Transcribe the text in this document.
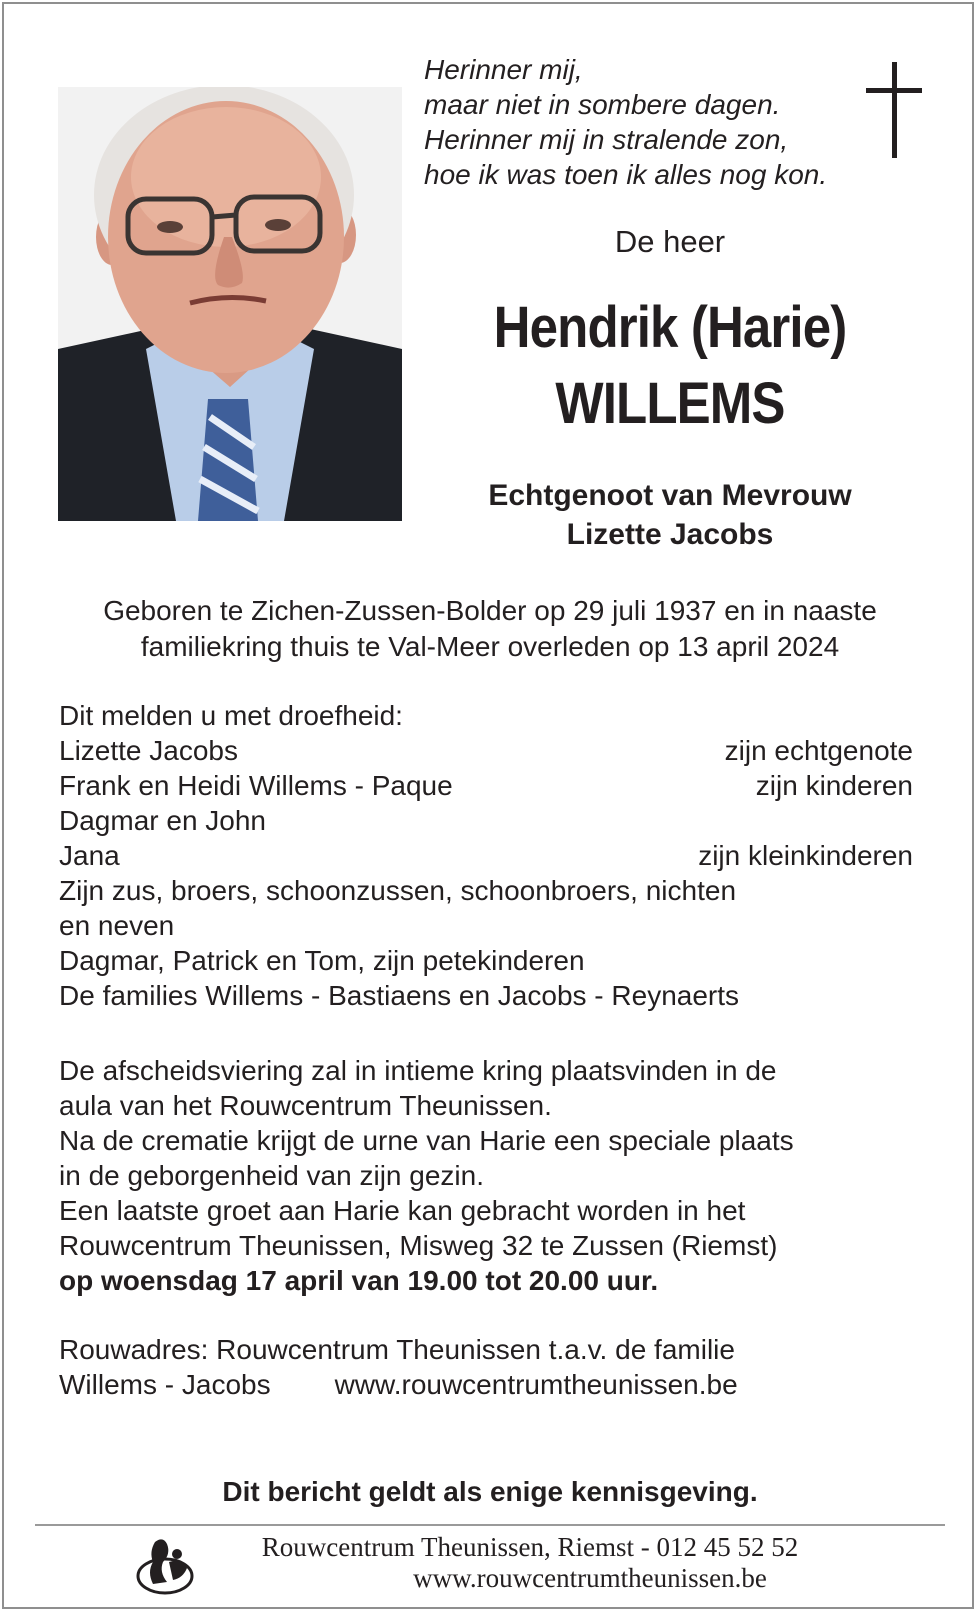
Herinner mij,
maar niet in sombere dagen.
Herinner mij in stralende zon,
hoe ik was toen ik alles nog kon.
De heer
Hendrik (Harie)
WILLEMS
Echtgenoot van Mevrouw
Lizette Jacobs
Geboren te Zichen-Zussen-Bolder op 29 juli 1937 en in naaste
familiekring thuis te Val-Meer overleden op 13 april 2024
Dit melden u met droefheid:
Lizette Jacobs	zijn echtgenote
Frank en Heidi Willems - Paque	zijn kinderen
Dagmar en John
Jana	zijn kleinkinderen
Zijn zus, broers, schoonzussen, schoonbroers, nichten
en neven
Dagmar, Patrick en Tom, zijn petekinderen
De families Willems - Bastiaens en Jacobs - Reynaerts
De afscheidsviering zal in intieme kring plaatsvinden in de
aula van het Rouwcentrum Theunissen.
Na de crematie krijgt de urne van Harie een speciale plaats
in de geborgenheid van zijn gezin.
Een laatste groet aan Harie kan gebracht worden in het
Rouwcentrum Theunissen, Misweg 32 te Zussen (Riemst)
op woensdag 17 april van 19.00 tot 20.00 uur.
Rouwadres: Rouwcentrum Theunissen t.a.v. de familie
Willems - Jacobs www.rouwcentrumtheunissen.be
Dit bericht geldt als enige kennisgeving.
Rouwcentrum Theunissen, Riemst - 012 45 52 52
www.rouwcentrumtheunissen.be
